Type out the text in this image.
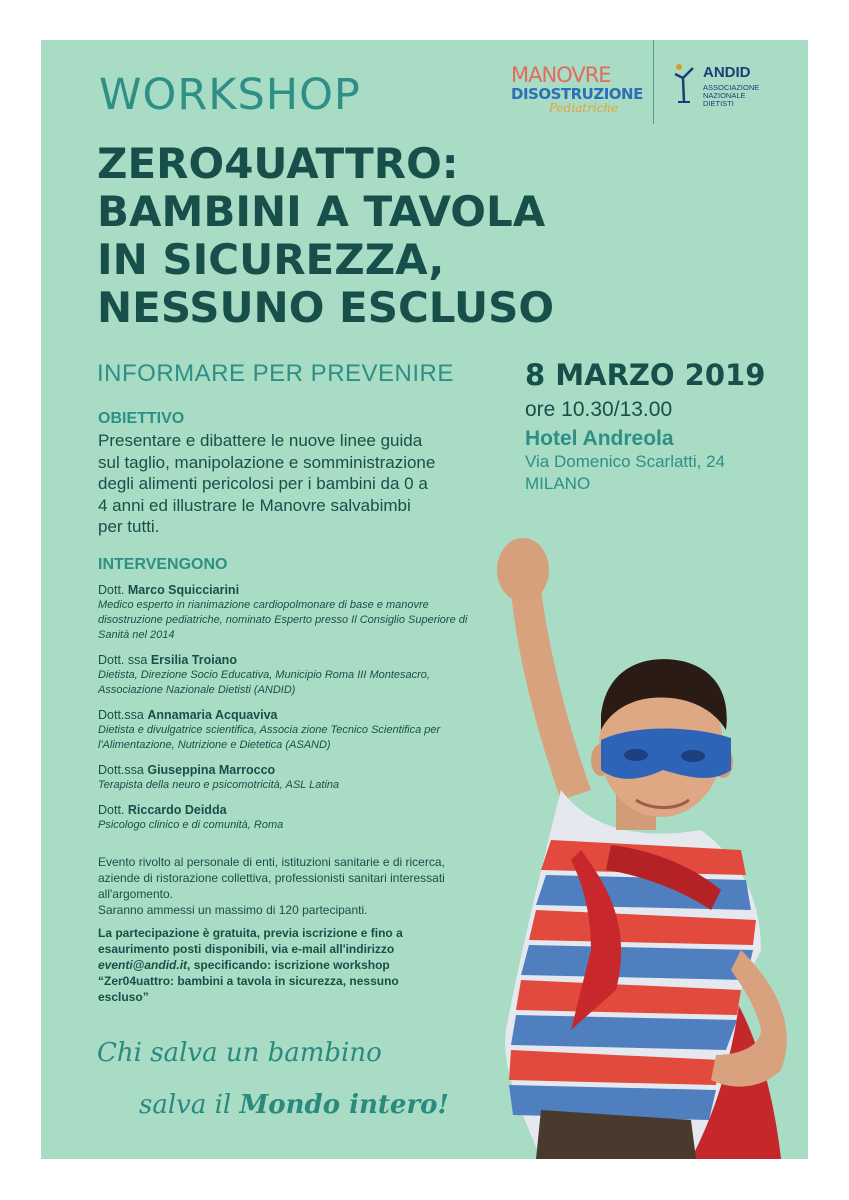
WORKSHOP	MANOVRE
DISOSTRUZIONE
Pediatriche
ANDID
ASSOCIAZIONE
NAZIONALE
DIETISTI
ZERO4UATTRO:
BAMBINI A TAVOLA
IN SICUREZZA,
NESSUNO ESCLUSO
INFORMARE PER PREVENIRE 8 MARZO 2019
ore 10.30/13.00
Hotel Andreola
Via Domenico Scarlatti, 24
MILANO
OBIETTIVO
Presentare e dibattere le nuove linee guida sul taglio, manipolazione e somministrazione degli alimenti pericolosi per i bambini da 0 a 4 anni ed illustrare le Manovre salvabimbi per tutti.
INTERVENGONO
Dott. Marco Squicciarini
Medico esperto in rianimazione cardiopolmonare di base e manovre disostruzione pediatriche, nominato Esperto presso Il Consiglio Superiore di Sanità nel 2014
Dott. ssa Ersilia Troiano
Dietista, Direzione Socio Educativa, Municipio Roma III Montesacro, Associazione Nazionale Dietisti (ANDID)
Dott.ssa Annamaria Acquaviva
Dietista e divulgatrice scientifica, Associa zione Tecnico Scientifica per l'Alimentazione, Nutrizione e Dietetica (ASAND)
Dott.ssa Giuseppina Marrocco
Terapista della neuro e psicomotricità, ASL Latina
Dott. Riccardo Deidda
Psicologo clinico e di comunità, Roma
Evento rivolto al personale di enti, istituzioni sanitarie e di ricerca, aziende di ristorazione collettiva, professionisti sanitari interessati all'argomento.
Saranno ammessi un massimo di 120 partecipanti.
La partecipazione è gratuita, previa iscrizione e fino a esaurimento posti disponibili, via e-mail all'indirizzo eventi@andid.it, specificando: iscrizione workshop “Zer04uattro: bambini a tavola in sicurezza, nessuno escluso”
Chi salva un bambino
salva il Mondo intero!
